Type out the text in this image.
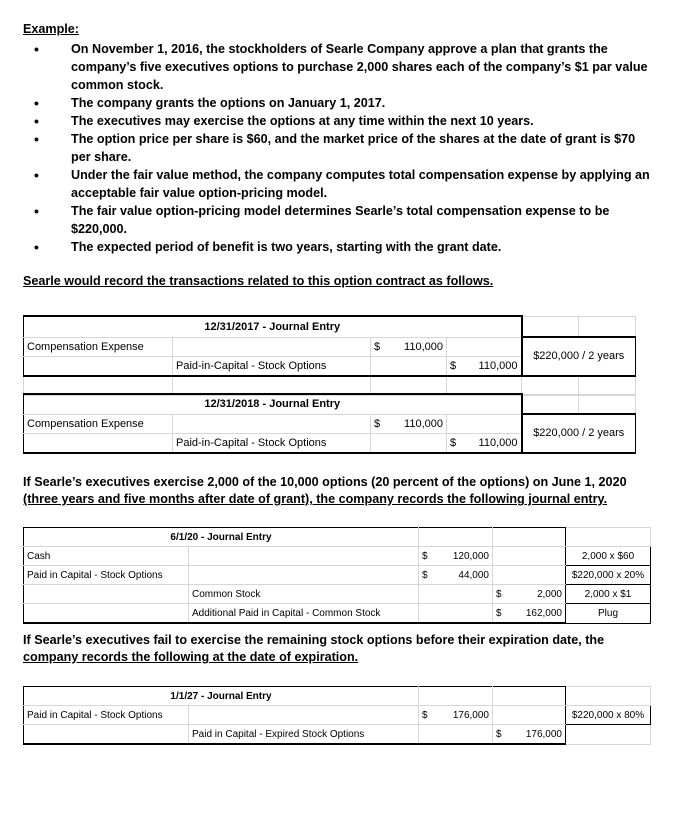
Example:
• On November 1, 2016, the stockholders of Searle Company approve a plan that grants the company’s five executives options to purchase 2,000 shares each of the company’s $1 par value common stock.
• The company grants the options on January 1, 2017.
• The executives may exercise the options at any time within the next 10 years.
• The option price per share is $60, and the market price of the shares at the date of grant is $70 per share.
• Under the fair value method, the company computes total compensation expense by applying an acceptable fair value option-pricing model.
• The fair value option-pricing model determines Searle’s total compensation expense to be $220,000.
• The expected period of benefit is two years, starting with the grant date.
Searle would record the transactions related to this option contract as follows.
12/31/2017 - Journal Entry					
Compensation Expense		$ 110,000		$220,000 / 2 years	
	Paid-in-Capital - Stock Options		$ 110,000		

12/31/2018 - Journal Entry					
Compensation Expense		$ 110,000		$220,000 / 2 years	
	Paid-in-Capital - Stock Options		$ 110,000		
If Searle’s executives exercise 2,000 of the 10,000 options (20 percent of the options) on June 1, 2020
(three years and five months after date of grant), the company records the following journal entry.
6/1/20 - Journal Entry				
Cash		$ 120,000		2,000 x $60
Paid in Capital - Stock Options		$ 44,000		$220,000 x 20%
	Common Stock		$ 2,000	2,000 x $1
	Additional Paid in Capital - Common Stock		$ 162,000	Plug
If Searle’s executives fail to exercise the remaining stock options before their expiration date, the
company records the following at the date of expiration.
1/1/27 - Journal Entry				
Paid in Capital - Stock Options		$ 176,000		$220,000 x 80%
	Paid in Capital - Expired Stock Options		$ 176,000	
